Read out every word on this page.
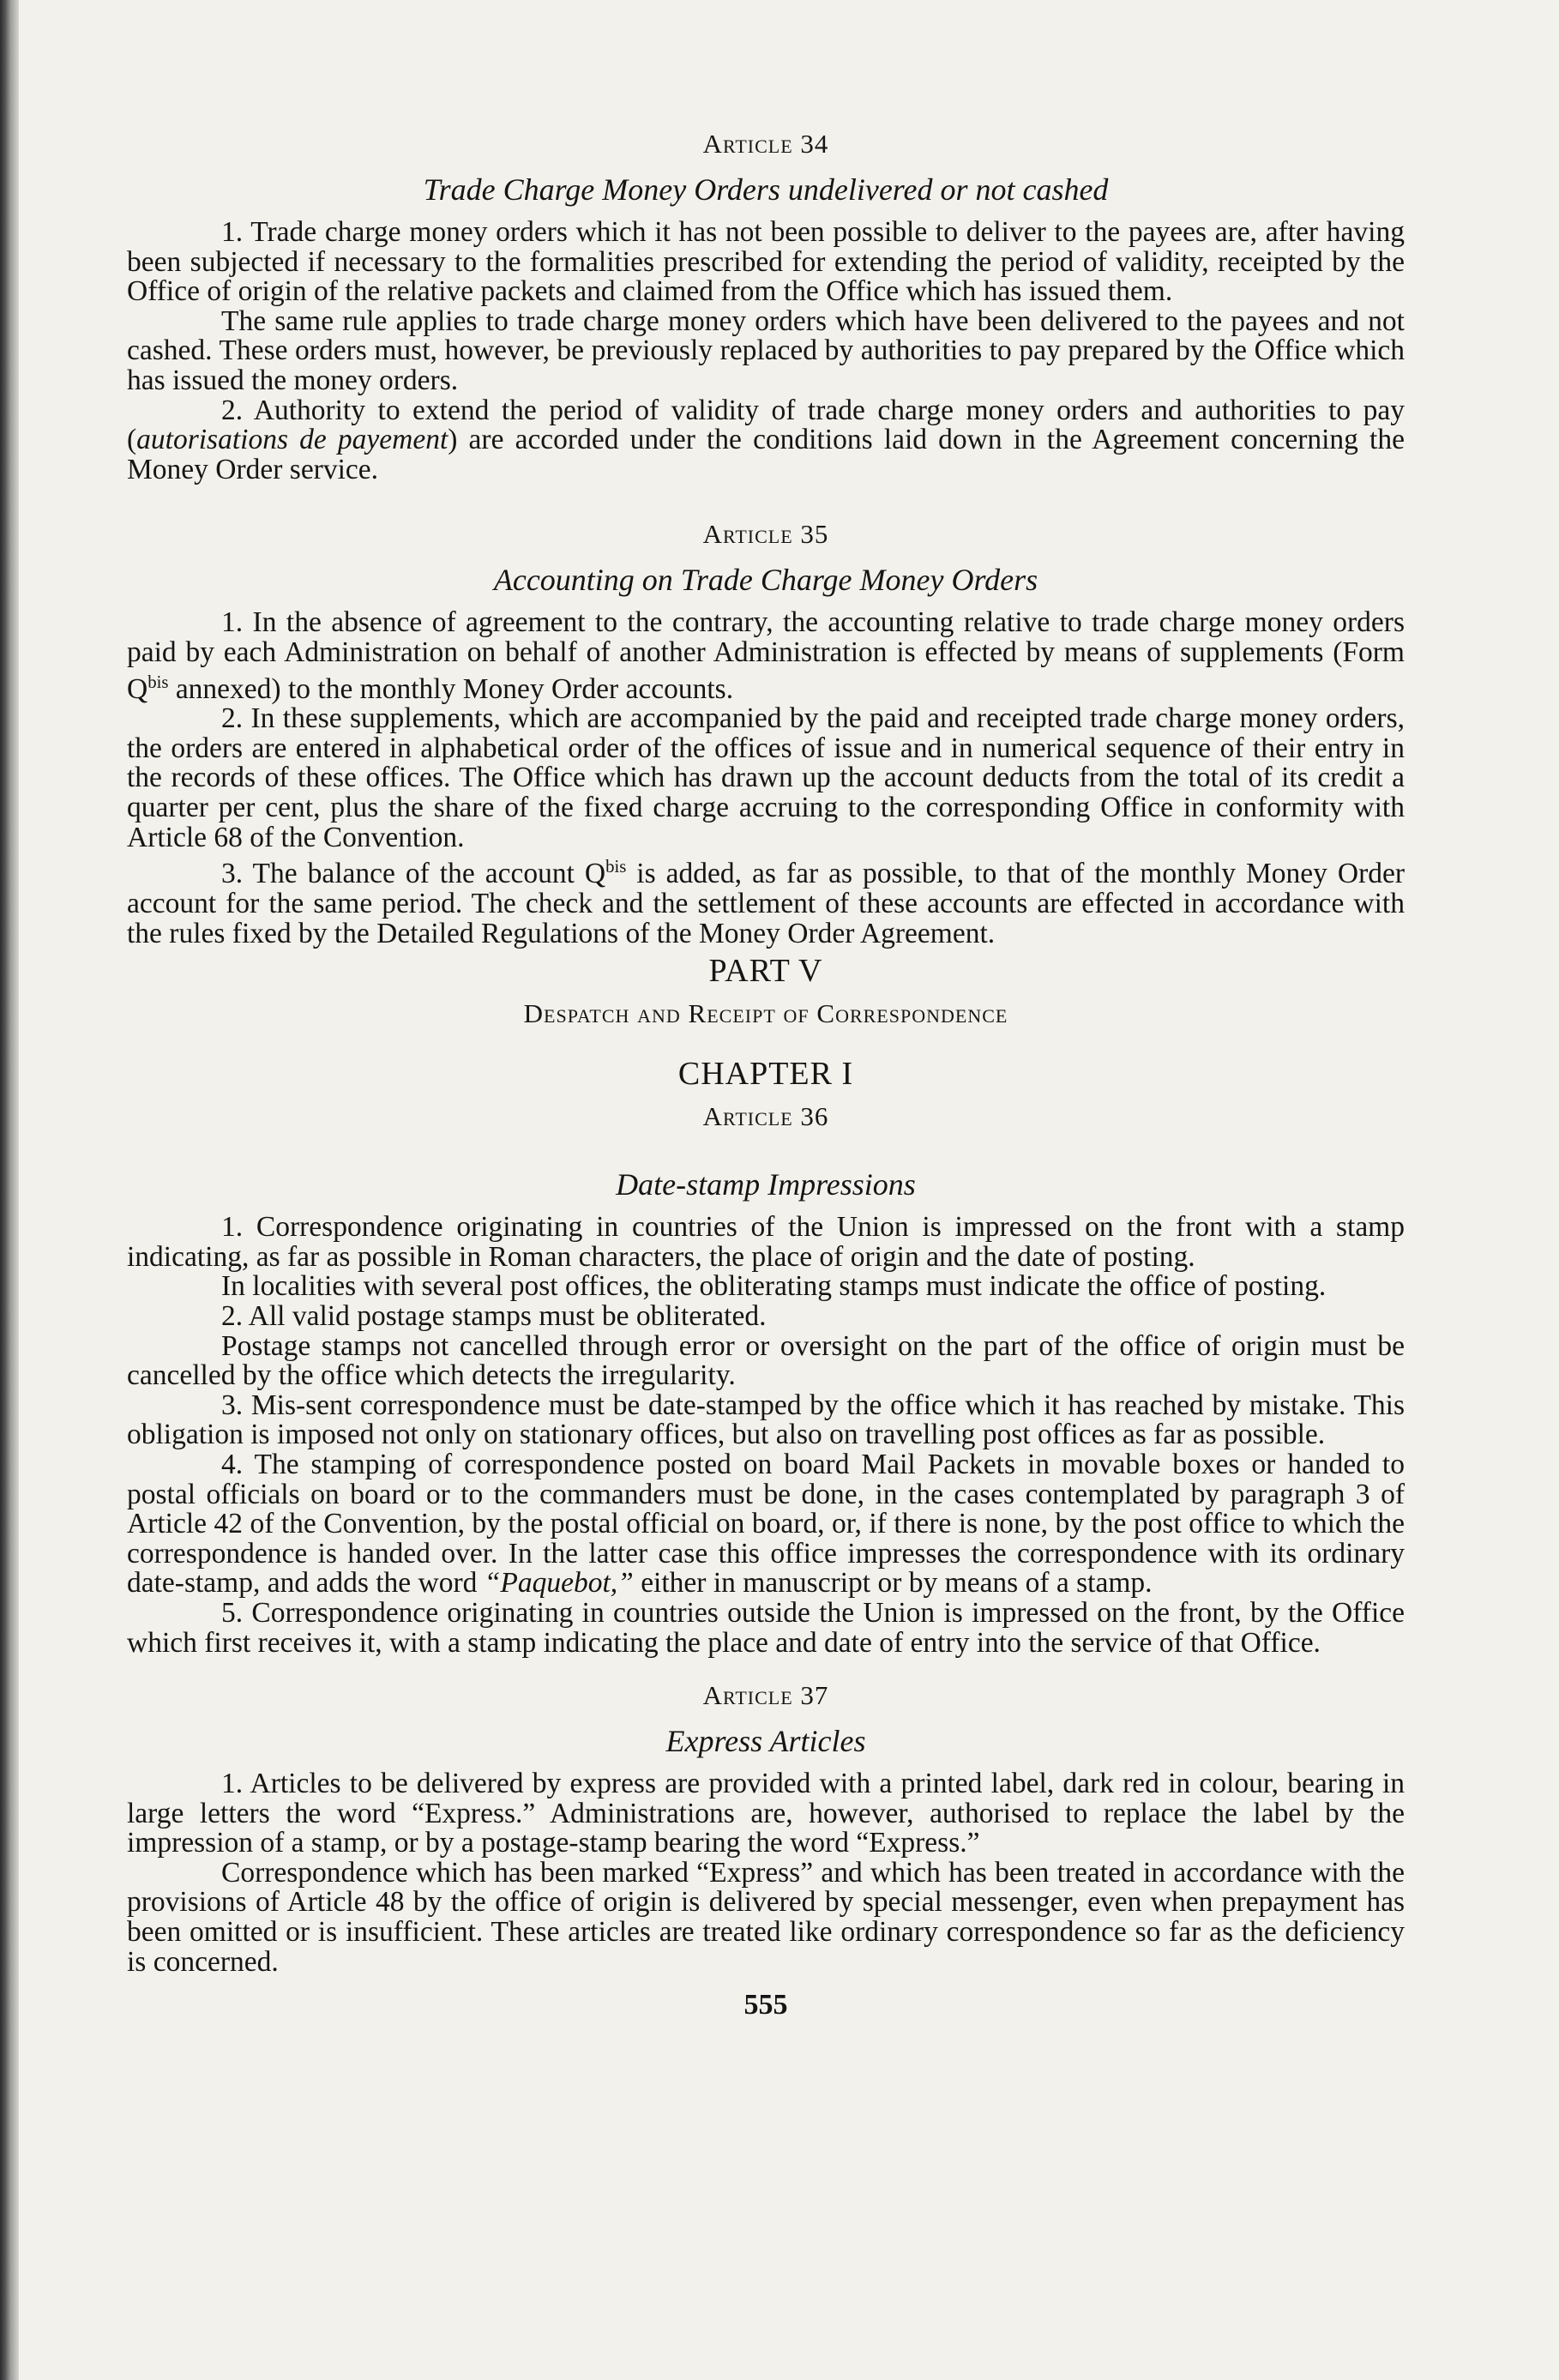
Article 34
Trade Charge Money Orders undelivered or not cashed

1. Trade charge money orders which it has not been possible to deliver to the payees are, after having been subjected if necessary to the formalities prescribed for extending the period of validity, receipted by the Office of origin of the relative packets and claimed from the Office which has issued them.

The same rule applies to trade charge money orders which have been delivered to the payees and not cashed. These orders must, however, be previously replaced by authorities to pay prepared by the Office which has issued the money orders.

2. Authority to extend the period of validity of trade charge money orders and authorities to pay (autorisations de payement) are accorded under the conditions laid down in the Agreement concerning the Money Order service.

Article 35
Accounting on Trade Charge Money Orders

1. In the absence of agreement to the contrary, the accounting relative to trade charge money orders paid by each Administration on behalf of another Administration is effected by means of supplements (Form $Q^{bis}$ annexed) to the monthly Money Order accounts.

2. In these supplements, which are accompanied by the paid and receipted trade charge money orders, the orders are entered in alphabetical order of the offices of issue and in numerical sequence of their entry in the records of these offices. The Office which has drawn up the account deducts from the total of its credit a quarter per cent, plus the share of the fixed charge accruing to the corresponding Office in conformity with Article 68 of the Convention.

3. The balance of the account $Q^{bis}$ is added, as far as possible, to that of the monthly Money Order account for the same period. The check and the settlement of these accounts are effected in accordance with the rules fixed by the Detailed Regulations of the Money Order Agreement.

PART V
Despatch and Receipt of Correspondence
CHAPTER I
Article 36
Date-stamp Impressions

1. Correspondence originating in countries of the Union is impressed on the front with a stamp indicating, as far as possible in Roman characters, the place of origin and the date of posting.

In localities with several post offices, the obliterating stamps must indicate the office of posting.

2. All valid postage stamps must be obliterated.

Postage stamps not cancelled through error or oversight on the part of the office of origin must be cancelled by the office which detects the irregularity.

3. Mis-sent correspondence must be date-stamped by the office which it has reached by mistake. This obligation is imposed not only on stationary offices, but also on travelling post offices as far as possible.

4. The stamping of correspondence posted on board Mail Packets in movable boxes or handed to postal officials on board or to the commanders must be done, in the cases contemplated by paragraph 3 of Article 42 of the Convention, by the postal official on board, or, if there is none, by the post office to which the correspondence is handed over. In the latter case this office impresses the correspondence with its ordinary date-stamp, and adds the word “Paquebot,” either in manuscript or by means of a stamp.

5. Correspondence originating in countries outside the Union is impressed on the front, by the Office which first receives it, with a stamp indicating the place and date of entry into the service of that Office.

Article 37
Express Articles

1. Articles to be delivered by express are provided with a printed label, dark red in colour, bearing in large letters the word “Express.” Administrations are, however, authorised to replace the label by the impression of a stamp, or by a postage-stamp bearing the word “Express.”

Correspondence which has been marked “Express” and which has been treated in accordance with the provisions of Article 48 by the office of origin is delivered by special messenger, even when prepayment has been omitted or is insufficient. These articles are treated like ordinary correspondence so far as the deficiency is concerned.

555
